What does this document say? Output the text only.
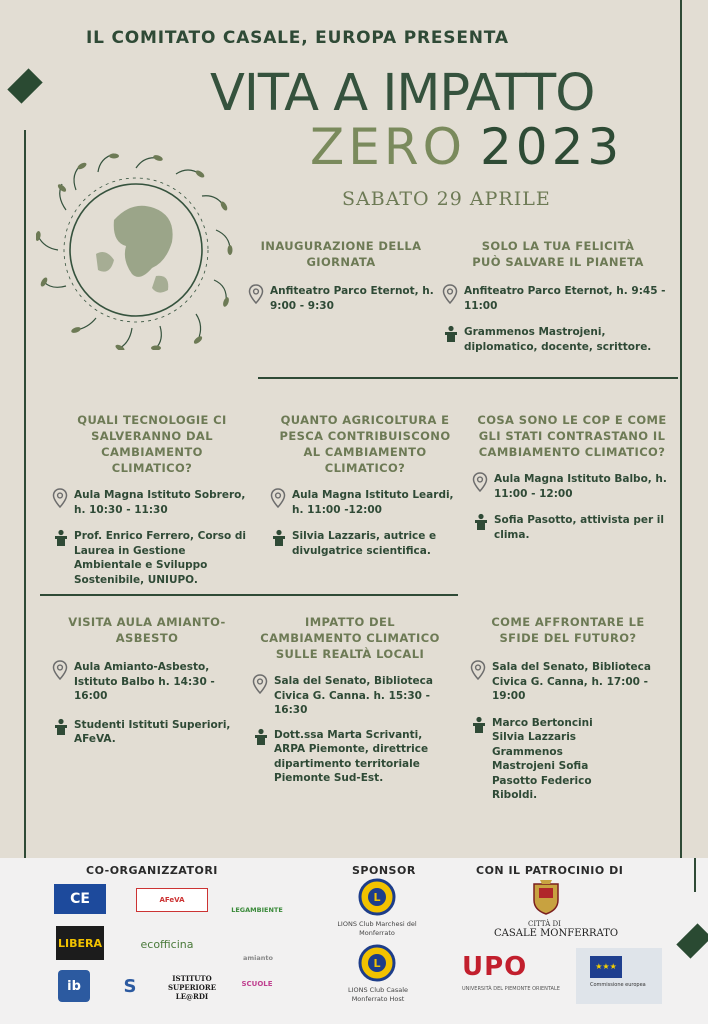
IL COMITATO CASALE, EUROPA PRESENTA
VITA A IMPATTO
ZERO 2023
SABATO 29 APRILE
INAUGURAZIONE DELLA GIORNATA
Anfiteatro Parco Eternot, h. 9:00 - 9:30
SOLO LA TUA FELICITÀ PUÒ SALVARE IL PIANETA
Anfiteatro Parco Eternot, h. 9:45 - 11:00
Grammenos Mastrojeni, diplomatico, docente, scrittore.
QUALI TECNOLOGIE CI SALVERANNO DAL CAMBIAMENTO CLIMATICO?
Aula Magna Istituto Sobrero, h. 10:30 - 11:30
Prof. Enrico Ferrero, Corso di Laurea in Gestione Ambientale e Sviluppo Sostenibile, UNIUPO.
QUANTO AGRICOLTURA E PESCA CONTRIBUISCONO AL CAMBIAMENTO CLIMATICO?
Aula Magna Istituto Leardi, h. 11:00 -12:00
Silvia Lazzaris, autrice e divulgatrice scientifica.
COSA SONO LE COP E COME GLI STATI CONTRASTANO IL CAMBIAMENTO CLIMATICO?
Aula Magna Istituto Balbo, h. 11:00 - 12:00
Sofia Pasotto, attivista per il clima.
VISITA AULA AMIANTO-ASBESTO
Aula Amianto-Asbesto, Istituto Balbo h. 14:30 - 16:00
Studenti Istituti Superiori, AFeVA.
IMPATTO DEL CAMBIAMENTO CLIMATICO SULLE REALTÀ LOCALI
Sala del Senato, Biblioteca Civica G. Canna. h. 15:30 - 16:30
Dott.ssa Marta Scrivanti, ARPA Piemonte, direttrice dipartimento territoriale Piemonte Sud-Est.
COME AFFRONTARE LE SFIDE DEL FUTURO?
Sala del Senato, Biblioteca Civica G. Canna, h. 17:00 - 19:00
Marco Bertoncini Silvia Lazzaris Grammenos Mastrojeni Sofia Pasotto Federico Riboldi.
CO-ORGANIZZATORI	SPONSOR	CON IL PATROCINIO DI
CE	AFeVA
LEGAMBIENTE
LIBERA	ecofficina
amianto
ib	S	ISTITUTO SUPERIORE LE@RDI
SCUOLE
L
LIONS Club Marchesi del Monferrato
L
LIONS Club Casale Monferrato Host
CITTÀ DI
CASALE MONFERRATO
UPO
UNIVERSITÀ DEL PIEMONTE ORIENTALE
★★★
Commissione europea
